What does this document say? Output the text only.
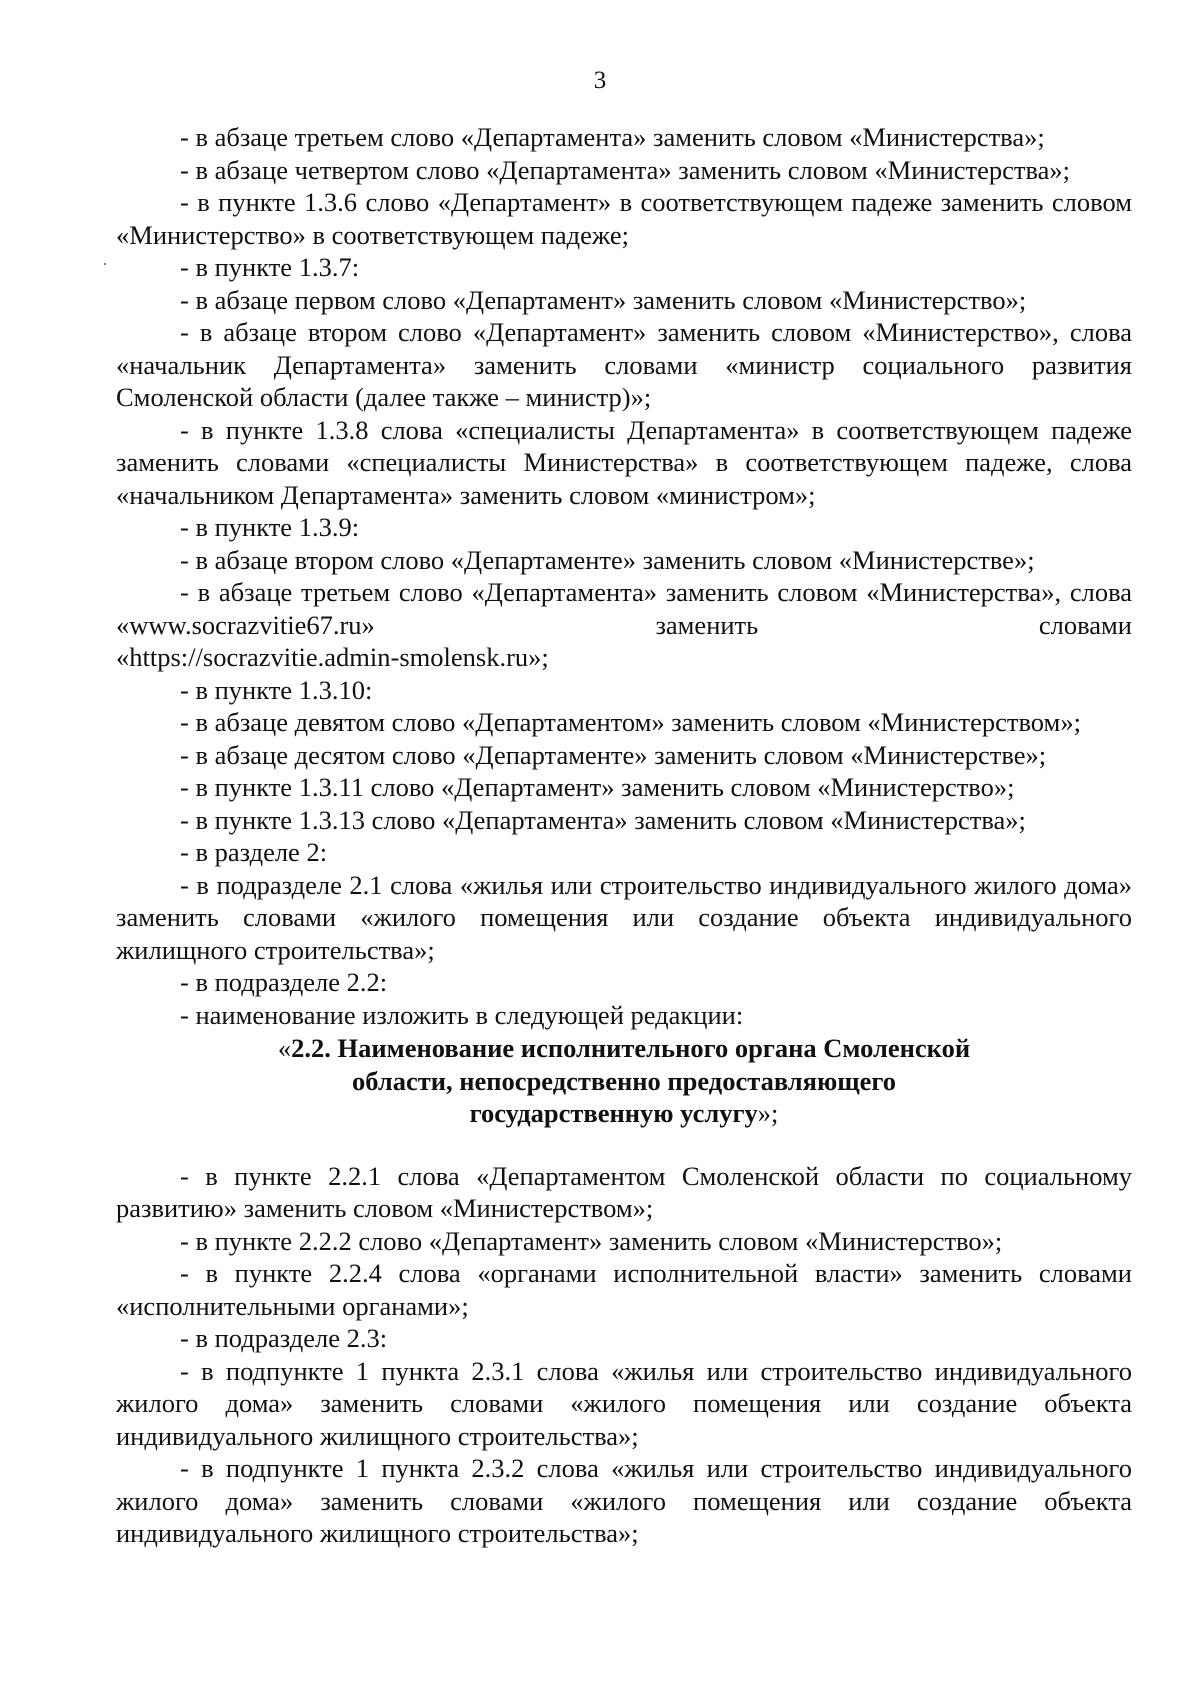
3

- в абзаце третьем слово «Департамента» заменить словом «Министерства»;

- в абзаце четвертом слово «Департамента» заменить словом «Министерства»;

- в пункте 1.3.6 слово «Департамент» в соответствующем падеже заменить словом «Министерство» в соответствующем падеже;

- в пункте 1.3.7:

- в абзаце первом слово «Департамент» заменить словом «Министерство»;

- в абзаце втором слово «Департамент» заменить словом «Министерство», слова «начальник Департамента» заменить словами «министр социального развития Смоленской области (далее также – министр)»;

- в пункте 1.3.8 слова «специалисты Департамента» в соответствующем падеже заменить словами «специалисты Министерства» в соответствующем падеже, слова «начальником Департамента» заменить словом «министром»;

- в пункте 1.3.9:

- в абзаце втором слово «Департаменте» заменить словом «Министерстве»;

- в абзаце третьем слово «Департамента» заменить словом «Министерства», слова «www.socrazvitie67.ru» заменить словами

«https://socrazvitie.admin-smolensk.ru»;

- в пункте 1.3.10:

- в абзаце девятом слово «Департаментом» заменить словом «Министерством»;

- в абзаце десятом слово «Департаменте» заменить словом «Министерстве»;

- в пункте 1.3.11 слово «Департамент» заменить словом «Министерство»;

- в пункте 1.3.13 слово «Департамента» заменить словом «Министерства»;

- в разделе 2:

- в подразделе 2.1 слова «жилья или строительство индивидуального жилого дома» заменить словами «жилого помещения или создание объекта индивидуального жилищного строительства»;

- в подразделе 2.2:

- наименование изложить в следующей редакции:

«2.2. Наименование исполнительного органа Смоленской
области, непосредственно предоставляющего
государственную услугу»;

- в пункте 2.2.1 слова «Департаментом Смоленской области по социальному развитию» заменить словом «Министерством»;

- в пункте 2.2.2 слово «Департамент» заменить словом «Министерство»;

- в пункте 2.2.4 слова «органами исполнительной власти» заменить словами «исполнительными органами»;

- в подразделе 2.3:

- в подпункте 1 пункта 2.3.1 слова «жилья или строительство индивидуального жилого дома» заменить словами «жилого помещения или создание объекта индивидуального жилищного строительства»;

- в подпункте 1 пункта 2.3.2 слова «жилья или строительство индивидуального жилого дома» заменить словами «жилого помещения или создание объекта индивидуального жилищного строительства»;
